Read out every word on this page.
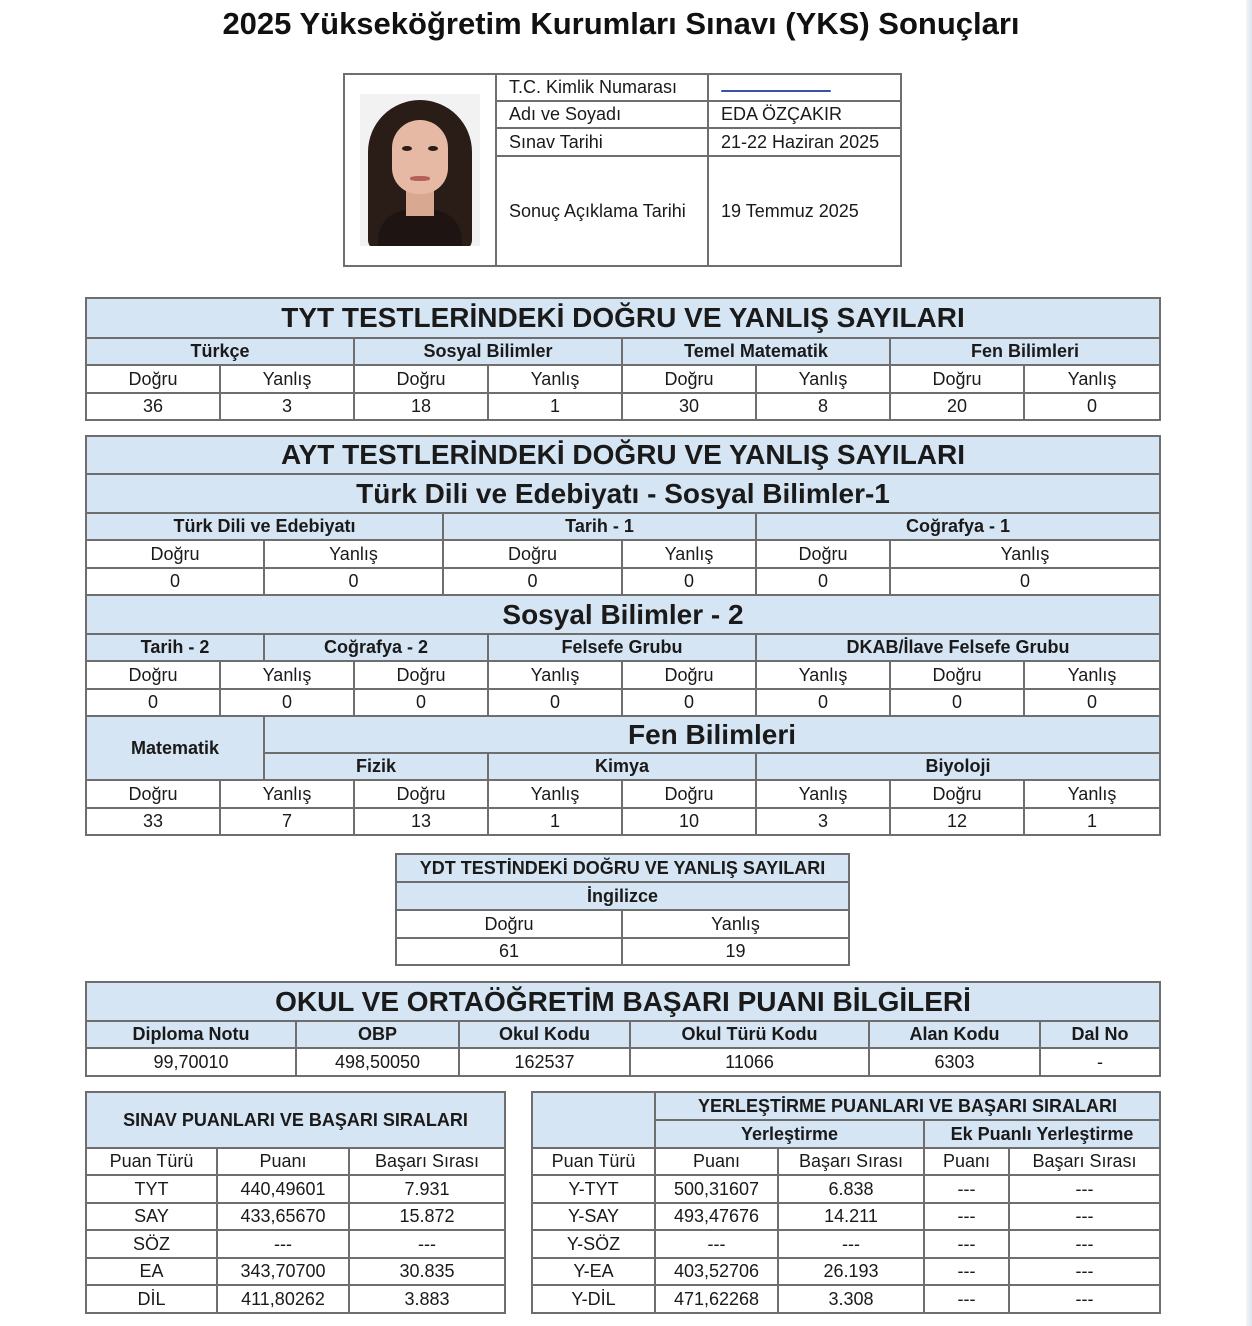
2025 Yükseköğretim Kurumları Sınavı (YKS) Sonuçları
	T.C. Kimlik Numarası	

	Adı ve Soyadı	EDA ÖZÇAKIR
	Sınav Tarihi	21-22 Haziran 2025
	Sonuç Açıklama Tarihi	19 Temmuz 2025
TYT TESTLERİNDEKİ DOĞRU VE YANLIŞ SAYILARI							
Türkçe		Sosyal Bilimler		Temel Matematik		Fen Bilimleri	
Doğru	Yanlış	Doğru	Yanlış	Doğru	Yanlış	Doğru	Yanlış
36	3	18	1	30	8	20	0
AYT TESTLERİNDEKİ DOĞRU VE YANLIŞ SAYILARI									
Türk Dili ve Edebiyatı - Sosyal Bilimler-1									
Türk Dili ve Edebiyatı				Tarih - 1			Coğrafya - 1		
Doğru		Yanlış		Doğru		Yanlış	Doğru	Yanlış	
0		0		0		0	0	0	
Sosyal Bilimler - 2									
Tarih - 2		Coğrafya - 2			Felsefe Grubu		DKAB/İlave Felsefe Grubu		
Doğru	Yanlış		Doğru		Yanlış	Doğru	Yanlış	Doğru	Yanlış
0	0		0		0	0	0	0	0
Matematik		Fen Bilimleri							
		Fizik			Kimya		Biyoloji		
Doğru	Yanlış		Doğru		Yanlış	Doğru	Yanlış	Doğru	Yanlış
33	7		13		1	10	3	12	1
YDT TESTİNDEKİ DOĞRU VE YANLIŞ SAYILARI	
İngilizce	
Doğru	Yanlış
61	19
OKUL VE ORTAÖĞRETİM BAŞARI PUANI BİLGİLERİ					
Diploma Notu	OBP	Okul Kodu	Okul Türü Kodu	Alan Kodu	Dal No
99,70010	498,50050	162537	11066	6303	-
SINAV PUANLARI VE BAŞARI SIRALARI		
Puan Türü	Puanı	Başarı Sırası
TYT	440,49601	7.931
SAY	433,65670	15.872
SÖZ	---	---
EA	343,70700	30.835
DİL	411,80262	3.883
	YERLEŞTİRME PUANLARI VE BAŞARI SIRALARI			
	Yerleştirme		Ek Puanlı Yerleştirme	
Puan Türü	Puanı	Başarı Sırası	Puanı	Başarı Sırası
Y-TYT	500,31607	6.838	---	---
Y-SAY	493,47676	14.211	---	---
Y-SÖZ	---	---	---	---
Y-EA	403,52706	26.193	---	---
Y-DİL	471,62268	3.308	---	---
